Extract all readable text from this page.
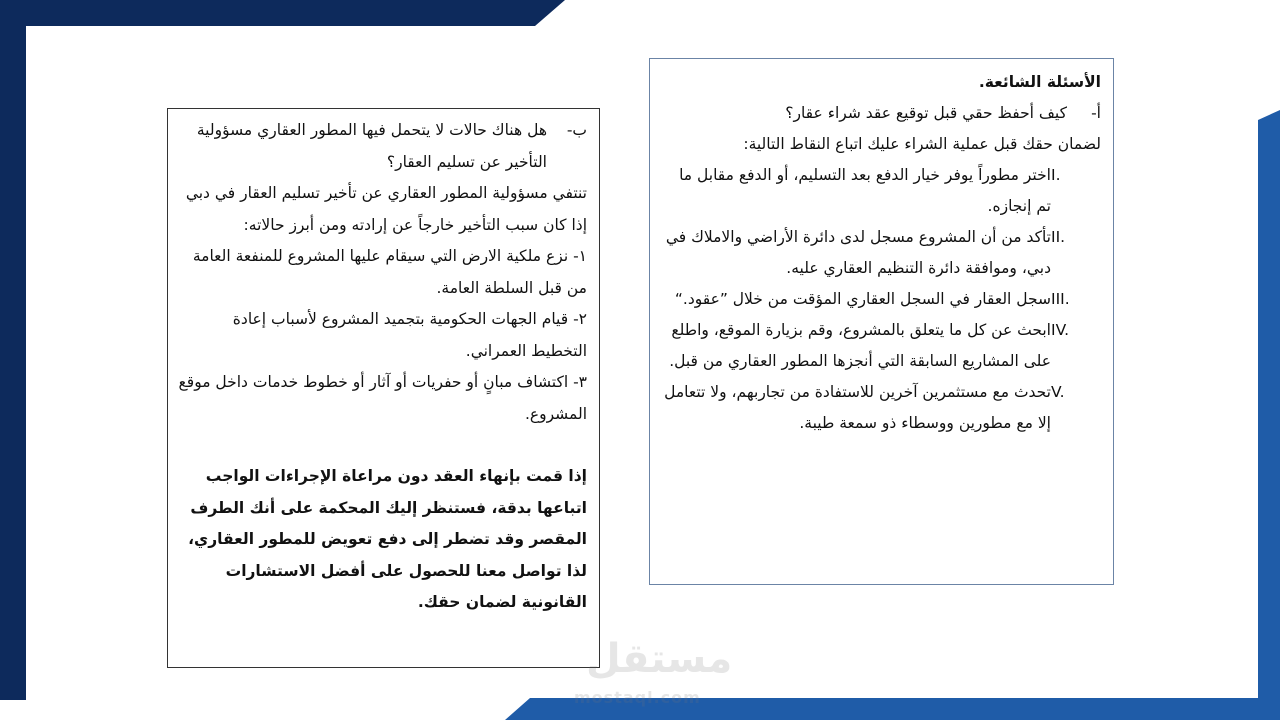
الأسئلة الشائعة.

أ-
كيف أحفظ حقي قبل توقيع عقد شراء عقار؟

لضمان حقك قبل عملية الشراء عليك اتباع النقاط التالية:

I.
اختر مطوراً يوفر خيار الدفع بعد التسليم، أو الدفع مقابل ما تم إنجازه.
II.
تأكد من أن المشروع مسجل لدى دائرة الأراضي والاملاك في دبي، وموافقة دائرة التنظيم العقاري عليه.
III.
سجل العقار في السجل العقاري المؤقت من خلال ”عقود.“
IV.
ابحث عن كل ما يتعلق بالمشروع، وقم بزيارة الموقع، واطلع على المشاريع السابقة التي أنجزها المطور العقاري من قبل.
V.
تحدث مع مستثمرين آخرين للاستفادة من تجاربهم، ولا تتعامل إلا مع مطورين ووسطاء ذو سمعة طيبة.
ب-
هل هناك حالات لا يتحمل فيها المطور العقاري مسؤولية التأخير عن تسليم العقار؟

تنتفي مسؤولية المطور العقاري عن تأخير تسليم العقار في دبي إذا كان سبب التأخير خارجاً عن إرادته ومن أبرز حالاته:

١- نزع ملكية الارض التي سيقام عليها المشروع للمنفعة العامة من قبل السلطة العامة.

٢- قيام الجهات الحكومية بتجميد المشروع لأسباب إعادة التخطيط العمراني.

٣- اكتشاف مبانٍ أو حفريات أو آثار أو خطوط خدمات داخل موقع المشروع.

إذا قمت بإنهاء العقد دون مراعاة الإجراءات الواجب اتباعها بدقة، فستنظر إليك المحكمة على أنك الطرف المقصر وقد تضطر إلى دفع تعويض للمطور العقاري، لذا تواصل معنا للحصول على أفضل الاستشارات القانونية لضمان حقك.

مستقل
mostaql.com
